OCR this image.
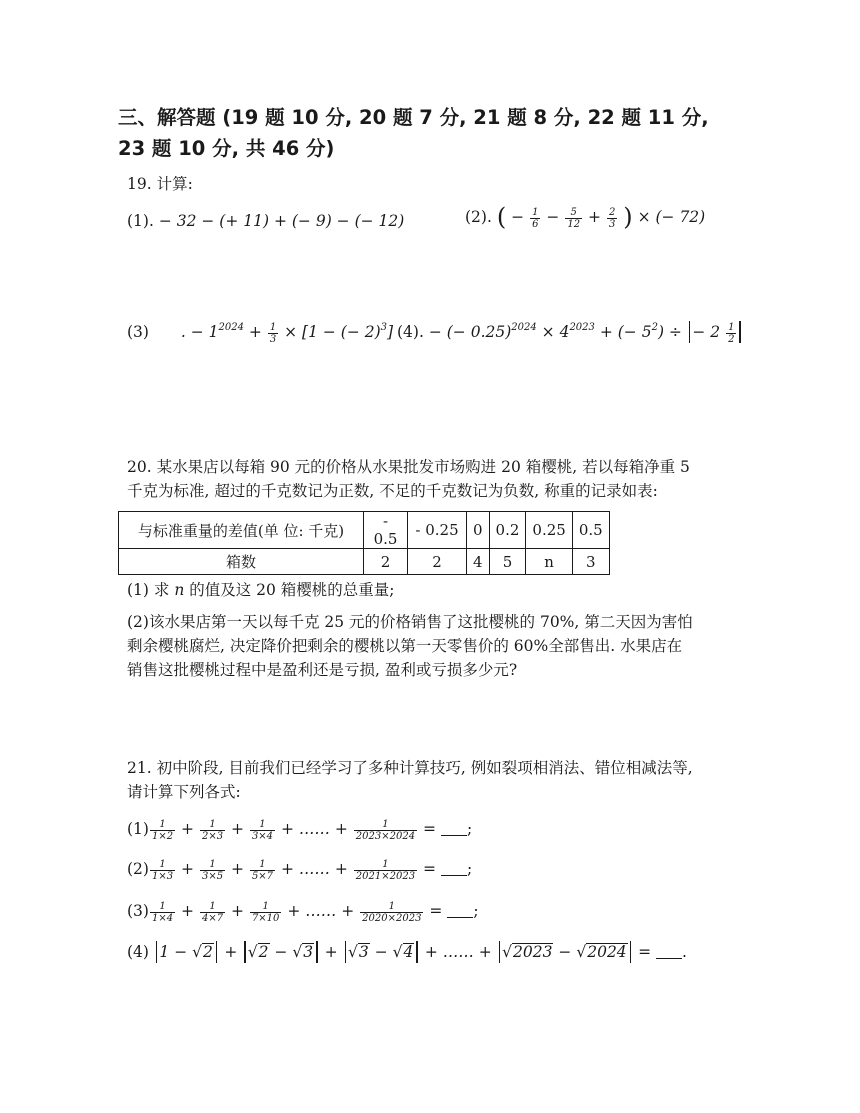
三、解答题 (19 题 10 分, 20 题 7 分, 21 题 8 分, 22 题 11 分, 23 题 10 分, 共 46 分)
19. 计算:
(1). − 32 − (+ 11) + (− 9) − (− 12)	(2). ( − $\frac{1}{6} - \frac{5}{12} + \frac{2}{3}$ ) × (− 72)
(3) . − $1^{2024} + \frac{1}{3} \times [1$ − (− 2)$^3$] (4). − (− $0.25)^{2024} \times 4^{2023}$ + (− $5^2$) ÷ − $2 \frac{1}{2}$
20. 某水果店以每箱 90 元的价格从水果批发市场购进 20 箱樱桃, 若以每箱净重 5
千克为标准, 超过的千克数记为正数, 不足的千克数记为负数, 称重的记录如表:
与标准重量的差值(单 位: 千克)	- 0.5	- 0.25	0	0.2	0.25	0.5
箱数	2	2	4	5	n	3
(1) 求 n 的值及这 20 箱樱桃的总重量;
(2)该水果店第一天以每千克 25 元的价格销售了这批樱桃的 70%, 第二天因为害怕
剩余樱桃腐烂, 决定降价把剩余的樱桃以第一天零售价的 60%全部售出. 水果店在
销售这批樱桃过程中是盈利还是亏损, 盈利或亏损多少元?
21. 初中阶段, 目前我们已经学习了多种计算技巧, 例如裂项相消法、错位相减法等,
请计算下列各式:
$(1) \frac{1}{1\times 2} + \frac{1}{2\times 3} + \frac{1}{3\times 4}$ + …… + $\frac{1}{2023\times 2024}$ = ;
$(2) \frac{1}{1\times 3} + \frac{1}{3\times 5} + \frac{1}{5\times 7}$ + …… + $\frac{1}{2021\times 2023}$ = ;
$(3) \frac{1}{1\times 4} + \frac{1}{4\times 7} + \frac{1}{7\times 10}$ + …… + $\frac{1}{2020\times 2023}$ = ;
(4) 1 − √2 + √2 − √3 + √3 − √4 + …… + √2023 − √2024 = .
